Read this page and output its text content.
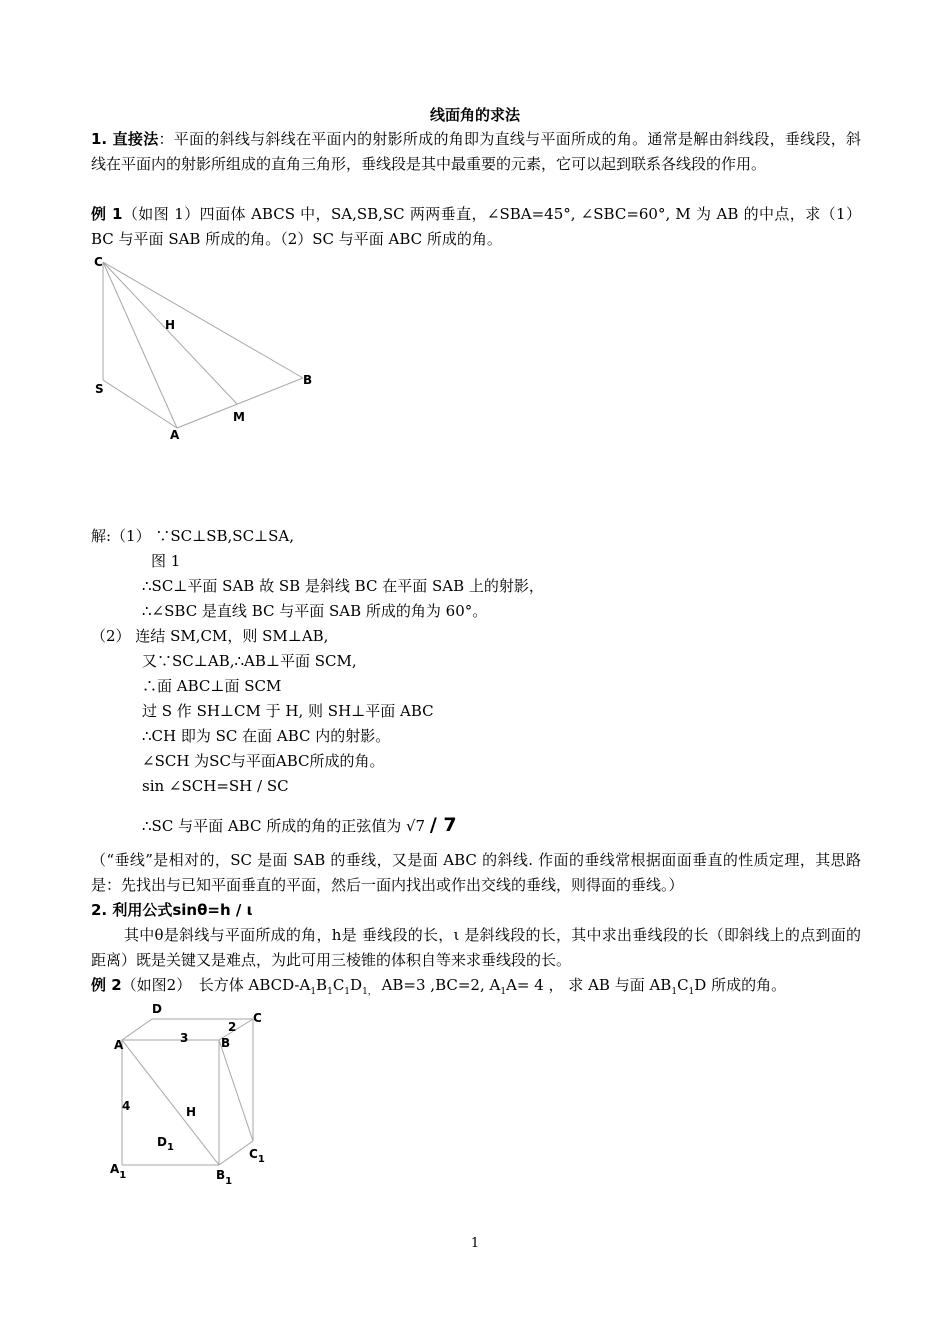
线面角的求法
1. 直接法：平面的斜线与斜线在平面内的射影所成的角即为直线与平面所成的角。通常是解由斜线段，垂线段，斜线在平面内的射影所组成的直角三角形，垂线段是其中最重要的元素，它可以起到联系各线段的作用。
例 1（如图 1）四面体 ABCS 中，SA,SB,SC 两两垂直，∠SBA=45°, ∠SBC=60°, M 为 AB 的中点，求（1）BC 与平面 SAB 所成的角。（2）SC 与平面 ABC 所成的角。
C
H
S
B
M
A
解:（1） ∵SC⊥SB,SC⊥SA,
图 1
∴SC⊥平面 SAB 故 SB 是斜线 BC 在平面 SAB 上的射影，
∴∠SBC 是直线 BC 与平面 SAB 所成的角为 60°。
（2） 连结 SM,CM，则 SM⊥AB,
又∵SC⊥AB,∴AB⊥平面 SCM,
∴面 ABC⊥面 SCM
过 S 作 SH⊥CM 于 H, 则 SH⊥平面 ABC
∴CH 即为 SC 在面 ABC 内的射影。
∠SCH 为SC与平面ABC所成的角。
sin ∠SCH=SH / SC
∴SC 与平面 ABC 所成的角的正弦值为 √7 / 7
（“垂线”是相对的，SC 是面 SAB 的垂线，又是面 ABC 的斜线. 作面的垂线常根据面面垂直的性质定理，其思路是：先找出与已知平面垂直的平面，然后一面内找出或作出交线的垂线，则得面的垂线。）
2. 利用公式sinθ=h / ι
其中θ是斜线与平面所成的角，h是 垂线段的长，ι 是斜线段的长，其中求出垂线段的长（即斜线上的点到面的距离）既是关键又是难点，为此可用三棱锥的体积自等来求垂线段的长。
例 2（如图2）　长方体 ABCD-$A_1B_1C_1D_{1,}$ AB=3 ,BC=2, $A_1A= 4$ ， 求 AB 与面 $AB_1C_1D$ 所成的角。
D
C
2
3
A	B
4	H
$D_1$	$C_1$
$A_1$	$B_1$
1
